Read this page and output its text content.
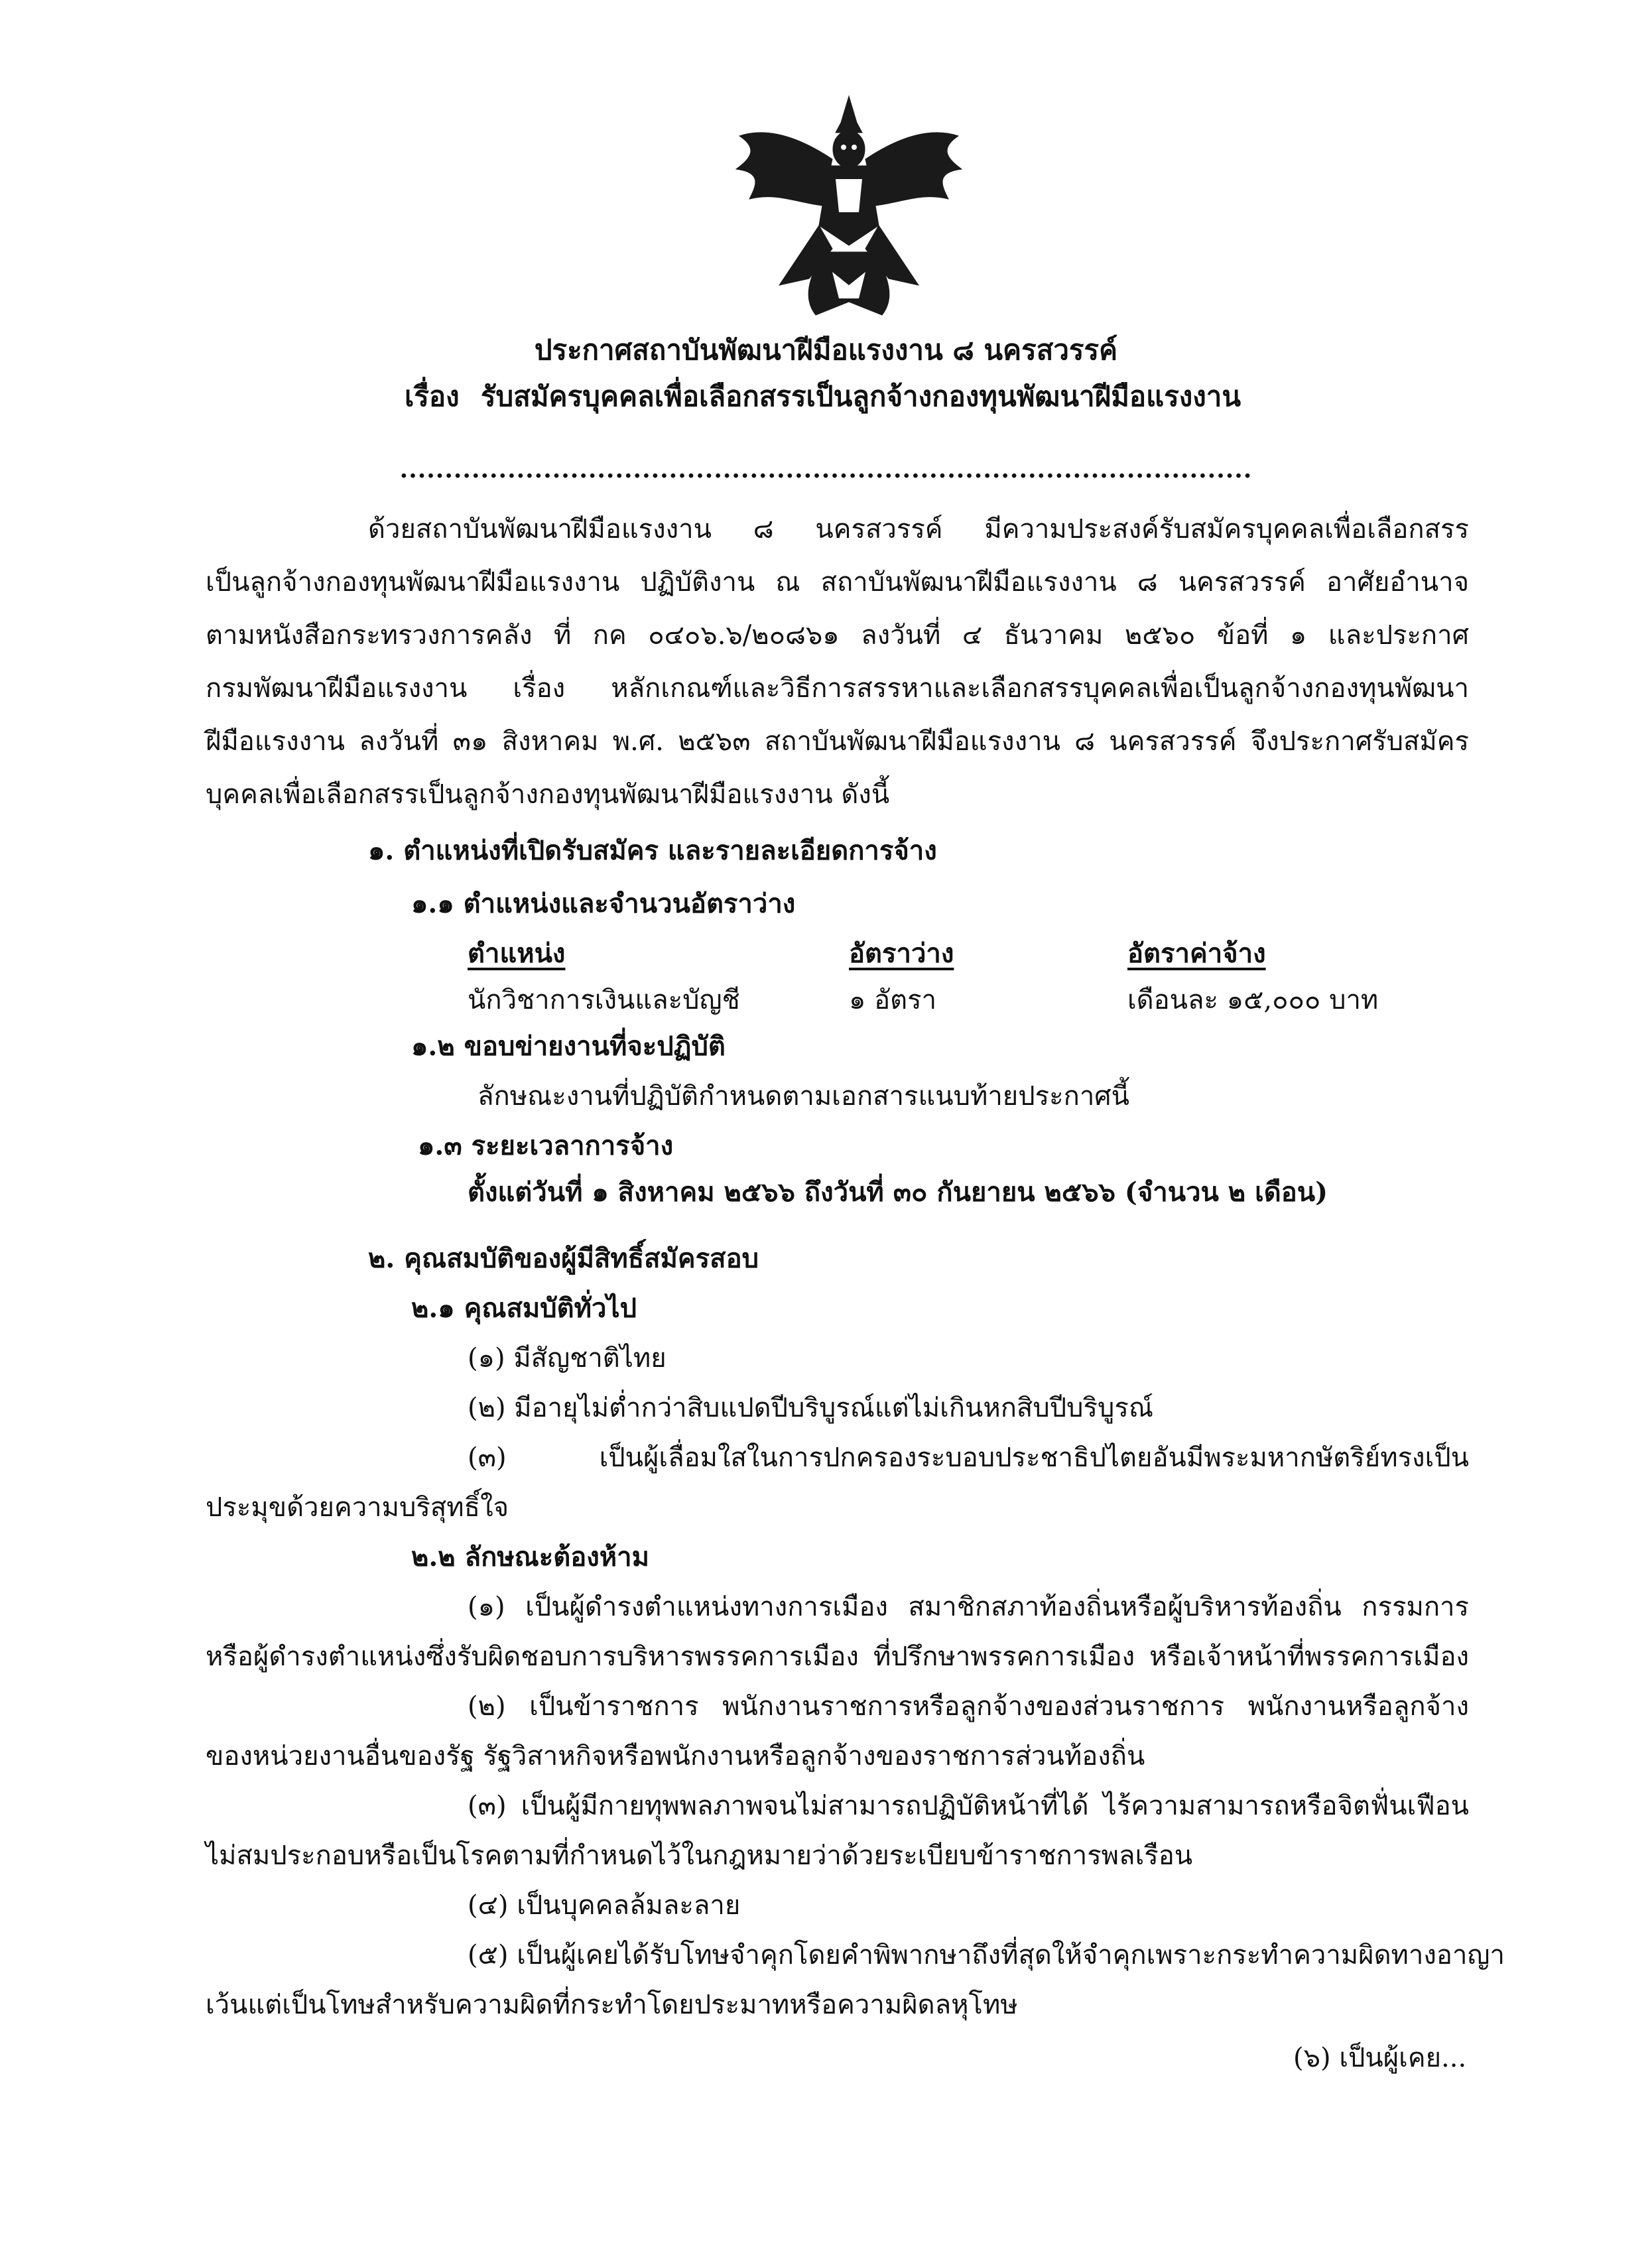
ประกาศสถาบันพัฒนาฝีมือแรงงาน ๘ นครสวรรค์
เรื่อง รับสมัครบุคคลเพื่อเลือกสรรเป็นลูกจ้างกองทุนพัฒนาฝีมือแรงงาน
...............................................................................................
ด้วยสถาบันพัฒนาฝีมือแรงงาน ๘ นครสวรรค์ มีความประสงค์รับสมัครบุคคลเพื่อเลือกสรร
เป็นลูกจ้างกองทุนพัฒนาฝีมือแรงงาน ปฏิบัติงาน ณ สถาบันพัฒนาฝีมือแรงงาน ๘ นครสวรรค์ อาศัยอำนาจ
ตามหนังสือกระทรวงการคลัง ที่ กค ๐๔๐๖.๖/๒๐๘๖๑ ลงวันที่ ๔ ธันวาคม ๒๕๖๐ ข้อที่ ๑ และประกาศ
กรมพัฒนาฝีมือแรงงาน เรื่อง หลักเกณฑ์และวิธีการสรรหาและเลือกสรรบุคคลเพื่อเป็นลูกจ้างกองทุนพัฒนา
ฝีมือแรงงาน ลงวันที่ ๓๑ สิงหาคม พ.ศ. ๒๕๖๓ สถาบันพัฒนาฝีมือแรงงาน ๘ นครสวรรค์ จึงประกาศรับสมัคร
บุคคลเพื่อเลือกสรรเป็นลูกจ้างกองทุนพัฒนาฝีมือแรงงาน ดังนี้
๑. ตำแหน่งที่เปิดรับสมัคร และรายละเอียดการจ้าง
๑.๑ ตำแหน่งและจำนวนอัตราว่าง
ตำแหน่ง	อัตราว่าง	อัตราค่าจ้าง
นักวิชาการเงินและบัญชี	๑ อัตรา	เดือนละ ๑๕,๐๐๐ บาท
๑.๒ ขอบข่ายงานที่จะปฏิบัติ
ลักษณะงานที่ปฏิบัติกำหนดตามเอกสารแนบท้ายประกาศนี้
๑.๓ ระยะเวลาการจ้าง
ตั้งแต่วันที่ ๑ สิงหาคม ๒๕๖๖ ถึงวันที่ ๓๐ กันยายน ๒๕๖๖ (จำนวน ๒ เดือน)
๒. คุณสมบัติของผู้มีสิทธิ์สมัครสอบ
๒.๑ คุณสมบัติทั่วไป
(๑) มีสัญชาติไทย
(๒) มีอายุไม่ต่ำกว่าสิบแปดปีบริบูรณ์แต่ไม่เกินหกสิบปีบริบูรณ์
(๓) เป็นผู้เลื่อมใสในการปกครองระบอบประชาธิปไตยอันมีพระมหากษัตริย์ทรงเป็น
ประมุขด้วยความบริสุทธิ์ใจ
๒.๒ ลักษณะต้องห้าม
(๑) เป็นผู้ดำรงตำแหน่งทางการเมือง สมาชิกสภาท้องถิ่นหรือผู้บริหารท้องถิ่น กรรมการ
หรือผู้ดำรงตำแหน่งซึ่งรับผิดชอบการบริหารพรรคการเมือง ที่ปรึกษาพรรคการเมือง หรือเจ้าหน้าที่พรรคการเมือง
(๒) เป็นข้าราชการ พนักงานราชการหรือลูกจ้างของส่วนราชการ พนักงานหรือลูกจ้าง
ของหน่วยงานอื่นของรัฐ รัฐวิสาหกิจหรือพนักงานหรือลูกจ้างของราชการส่วนท้องถิ่น
(๓) เป็นผู้มีกายทุพพลภาพจนไม่สามารถปฏิบัติหน้าที่ได้ ไร้ความสามารถหรือจิตฟั่นเฟือน
ไม่สมประกอบหรือเป็นโรคตามที่กำหนดไว้ในกฎหมายว่าด้วยระเบียบข้าราชการพลเรือน
(๔) เป็นบุคคลล้มละลาย
(๕) เป็นผู้เคยได้รับโทษจำคุกโดยคำพิพากษาถึงที่สุดให้จำคุกเพราะกระทำความผิดทางอาญา
เว้นแต่เป็นโทษสำหรับความผิดที่กระทำโดยประมาทหรือความผิดลหุโทษ
(๖) เป็นผู้เคย...
